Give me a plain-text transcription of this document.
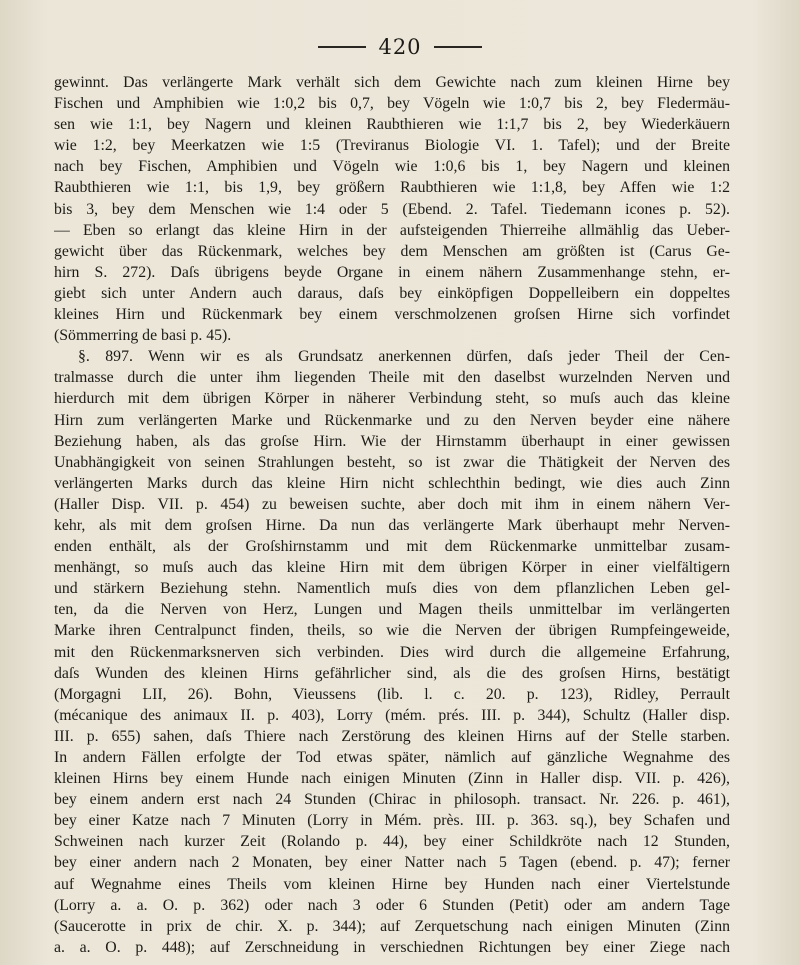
420
gewinnt. Das verlängerte Mark verhält sich dem Gewichte nach zum kleinen Hirne bey
Fischen und Amphibien wie 1:0,2 bis 0,7, bey Vögeln wie 1:0,7 bis 2, bey Fledermäu-
sen wie 1:1, bey Nagern und kleinen Raubthieren wie 1:1,7 bis 2, bey Wiederkäuern
wie 1:2, bey Meerkatzen wie 1:5 (Treviranus Biologie VI. 1. Tafel); und der Breite
nach bey Fischen, Amphibien und Vögeln wie 1:0,6 bis 1, bey Nagern und kleinen
Raubthieren wie 1:1, bis 1,9, bey größern Raubthieren wie 1:1,8, bey Affen wie 1:2
bis 3, bey dem Menschen wie 1:4 oder 5 (Ebend. 2. Tafel. Tiedemann icones p. 52).
— Eben so erlangt das kleine Hirn in der aufsteigenden Thierreihe allmählig das Ueber-
gewicht über das Rückenmark, welches bey dem Menschen am größten ist (Carus Ge-
hirn S. 272). Daſs übrigens beyde Organe in einem nähern Zusammenhange stehn, er-
giebt sich unter Andern auch daraus, daſs bey einköpfigen Doppelleibern ein doppeltes
kleines Hirn und Rückenmark bey einem verschmolzenen groſsen Hirne sich vorfindet
(Sömmerring de basi p. 45).
§. 897. Wenn wir es als Grundsatz anerkennen dürfen, daſs jeder Theil der Cen-
tralmasse durch die unter ihm liegenden Theile mit den daselbst wurzelnden Nerven und
hierdurch mit dem übrigen Körper in näherer Verbindung steht, so muſs auch das kleine
Hirn zum verlängerten Marke und Rückenmarke und zu den Nerven beyder eine nähere
Beziehung haben, als das groſse Hirn. Wie der Hirnstamm überhaupt in einer gewissen
Unabhängigkeit von seinen Strahlungen besteht, so ist zwar die Thätigkeit der Nerven des
verlängerten Marks durch das kleine Hirn nicht schlechthin bedingt, wie dies auch Zinn
(Haller Disp. VII. p. 454) zu beweisen suchte, aber doch mit ihm in einem nähern Ver-
kehr, als mit dem groſsen Hirne. Da nun das verlängerte Mark überhaupt mehr Nerven-
enden enthält, als der Groſshirnstamm und mit dem Rückenmarke unmittelbar zusam-
menhängt, so muſs auch das kleine Hirn mit dem übrigen Körper in einer vielfältigern
und stärkern Beziehung stehn. Namentlich muſs dies von dem pflanzlichen Leben gel-
ten, da die Nerven von Herz, Lungen und Magen theils unmittelbar im verlängerten
Marke ihren Centralpunct finden, theils, so wie die Nerven der übrigen Rumpfeingeweide,
mit den Rückenmarksnerven sich verbinden. Dies wird durch die allgemeine Erfahrung,
daſs Wunden des kleinen Hirns gefährlicher sind, als die des groſsen Hirns, bestätigt
(Morgagni LII, 26). Bohn, Vieussens (lib. l. c. 20. p. 123), Ridley, Perrault
(mécanique des animaux II. p. 403), Lorry (mém. prés. III. p. 344), Schultz (Haller disp.
III. p. 655) sahen, daſs Thiere nach Zerstörung des kleinen Hirns auf der Stelle starben.
In andern Fällen erfolgte der Tod etwas später, nämlich auf gänzliche Wegnahme des
kleinen Hirns bey einem Hunde nach einigen Minuten (Zinn in Haller disp. VII. p. 426),
bey einem andern erst nach 24 Stunden (Chirac in philosoph. transact. Nr. 226. p. 461),
bey einer Katze nach 7 Minuten (Lorry in Mém. près. III. p. 363. sq.), bey Schafen und
Schweinen nach kurzer Zeit (Rolando p. 44), bey einer Schildkröte nach 12 Stunden,
bey einer andern nach 2 Monaten, bey einer Natter nach 5 Tagen (ebend. p. 47); ferner
auf Wegnahme eines Theils vom kleinen Hirne bey Hunden nach einer Viertelstunde
(Lorry a. a. O. p. 362) oder nach 3 oder 6 Stunden (Petit) oder am andern Tage
(Saucerotte in prix de chir. X. p. 344); auf Zerquetschung nach einigen Minuten (Zinn
a. a. O. p. 448); auf Zerschneidung in verschiednen Richtungen bey einer Ziege nach
